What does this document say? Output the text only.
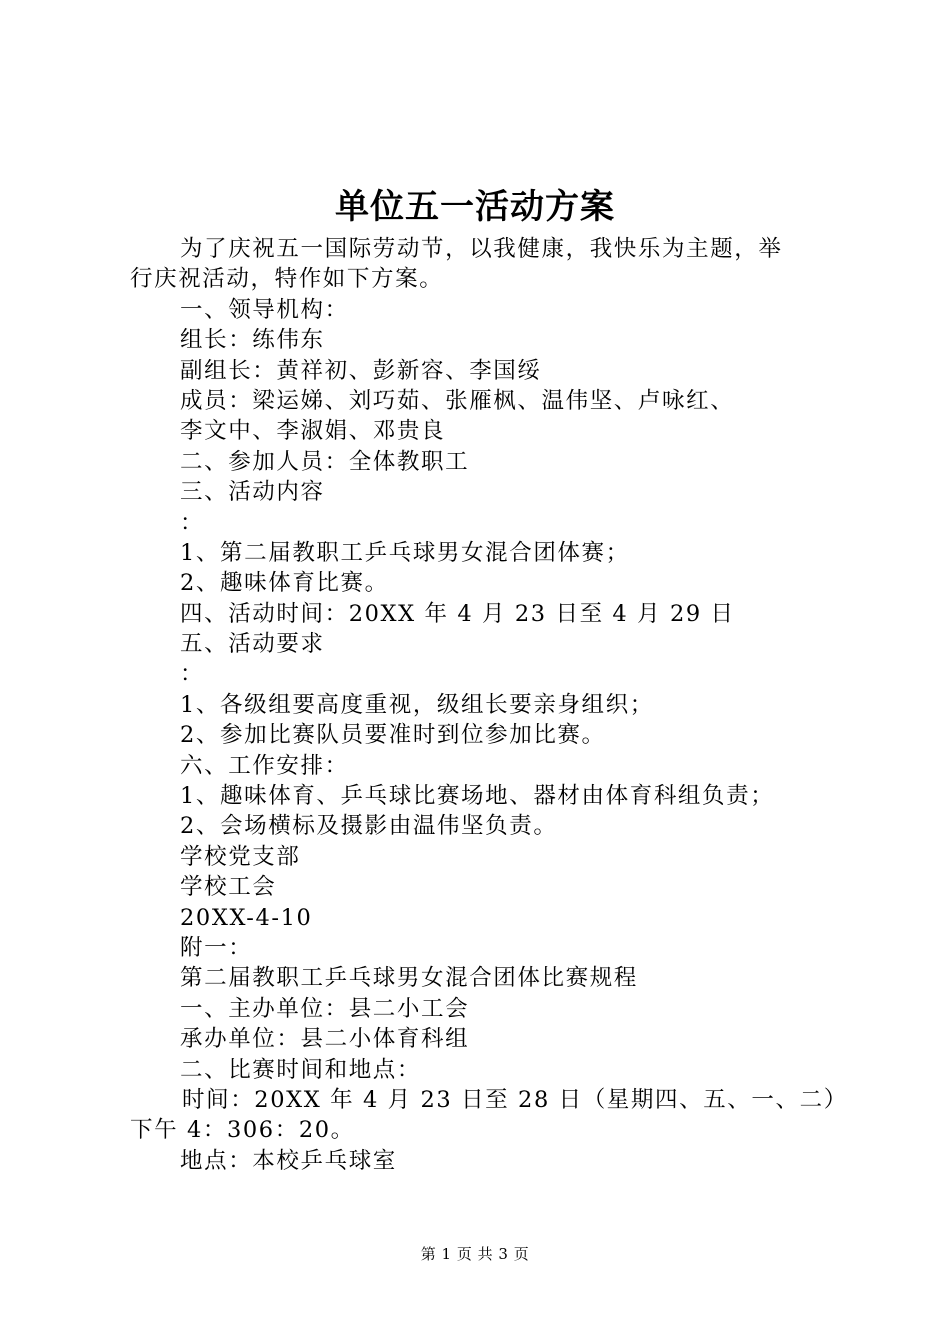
单位五一活动方案
为了庆祝五一国际劳动节，以我健康，我快乐为主题，举
行庆祝活动，特作如下方案。
一、领导机构：
组长：练伟东
副组长：黄祥初、彭新容、李国绥
成员：梁运娣、刘巧茹、张雁枫、温伟坚、卢咏红、
李文中、李淑娟、邓贵良
二、参加人员：全体教职工
三、活动内容
：
1、第二届教职工乒乓球男女混合团体赛；
2、趣味体育比赛。
四、活动时间：20XX 年 4 月 23 日至 4 月 29 日
五、活动要求
：
1、各级组要高度重视，级组长要亲身组织；
2、参加比赛队员要准时到位参加比赛。
六、工作安排：
1、趣味体育、乒乓球比赛场地、器材由体育科组负责；
2、会场横标及摄影由温伟坚负责。
学校党支部
学校工会
20XX-4-10
附一：
第二届教职工乒乓球男女混合团体比赛规程
一、主办单位：县二小工会
承办单位：县二小体育科组
二、比赛时间和地点：
时间：20XX 年 4 月 23 日至 28 日（星期四、五、一、二）
下午 4：306：20。
地点：本校乒乓球室
第 1 页 共 3 页
